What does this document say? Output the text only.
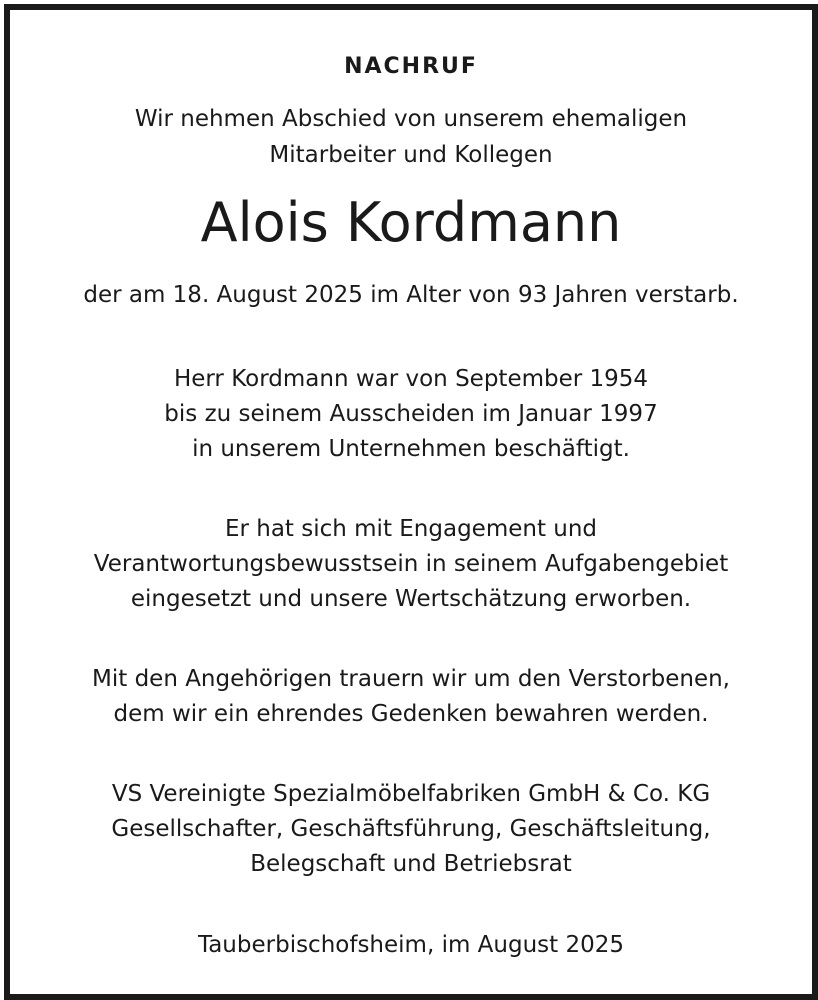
NACHRUF
Wir nehmen Abschied von unserem ehemaligen
Mitarbeiter und Kollegen
Alois Kordmann
der am 18. August 2025 im Alter von 93 Jahren verstarb.
Herr Kordmann war von September 1954
bis zu seinem Ausscheiden im Januar 1997
in unserem Unternehmen beschäftigt.
Er hat sich mit Engagement und
Verantwortungsbewusstsein in seinem Aufgabengebiet
eingesetzt und unsere Wertschätzung erworben.
Mit den Angehörigen trauern wir um den Verstorbenen,
dem wir ein ehrendes Gedenken bewahren werden.
VS Vereinigte Spezialmöbelfabriken GmbH & Co. KG
Gesellschafter, Geschäftsführung, Geschäftsleitung,
Belegschaft und Betriebsrat
Tauberbischofsheim, im August 2025
